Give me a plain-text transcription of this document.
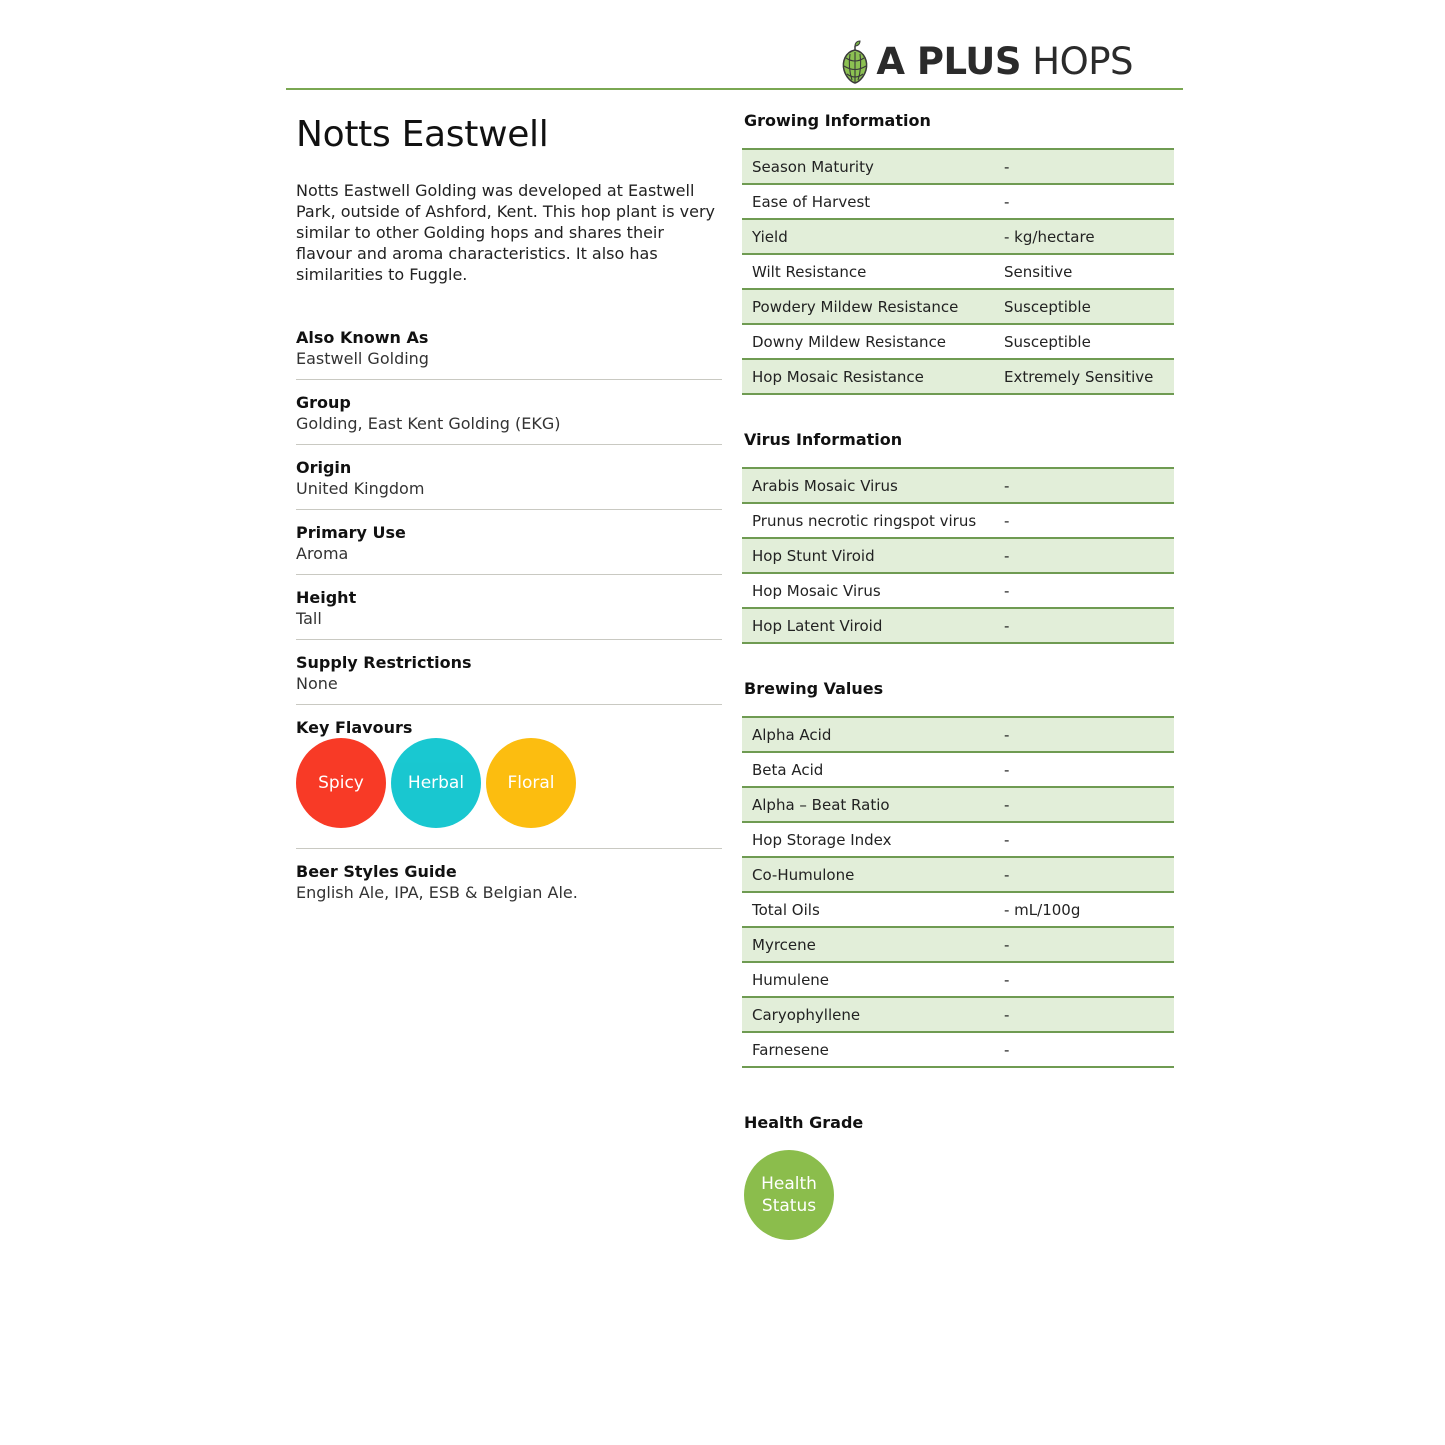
A PLUS HOPS
Notts Eastwell

Notts Eastwell Golding was developed at Eastwell Park, outside of Ashford, Kent. This hop plant is very similar to other Golding hops and shares their flavour and aroma characteristics. It also has similarities to Fuggle.

Also Known As
Eastwell Golding
Group
Golding, East Kent Golding (EKG)
Origin
United Kingdom
Primary Use
Aroma
Height
Tall
Supply Restrictions
None
Key Flavours
Spicy	Herbal	Floral
Beer Styles Guide
English Ale, IPA, ESB & Belgian Ale.
Growing Information
Season Maturity	-
Ease of Harvest	-
Yield	- kg/hectare
Wilt Resistance	Sensitive
Powdery Mildew Resistance	Susceptible
Downy Mildew Resistance	Susceptible
Hop Mosaic Resistance	Extremely Sensitive
Virus Information
Arabis Mosaic Virus	-
Prunus necrotic ringspot virus	-
Hop Stunt Viroid	-
Hop Mosaic Virus	-
Hop Latent Viroid	-
Brewing Values
Alpha Acid	-
Beta Acid	-
Alpha – Beat Ratio	-
Hop Storage Index	-
Co-Humulone	-
Total Oils	- mL/100g
Myrcene	-
Humulene	-
Caryophyllene	-
Farnesene	-
Health Grade
Health
Status
